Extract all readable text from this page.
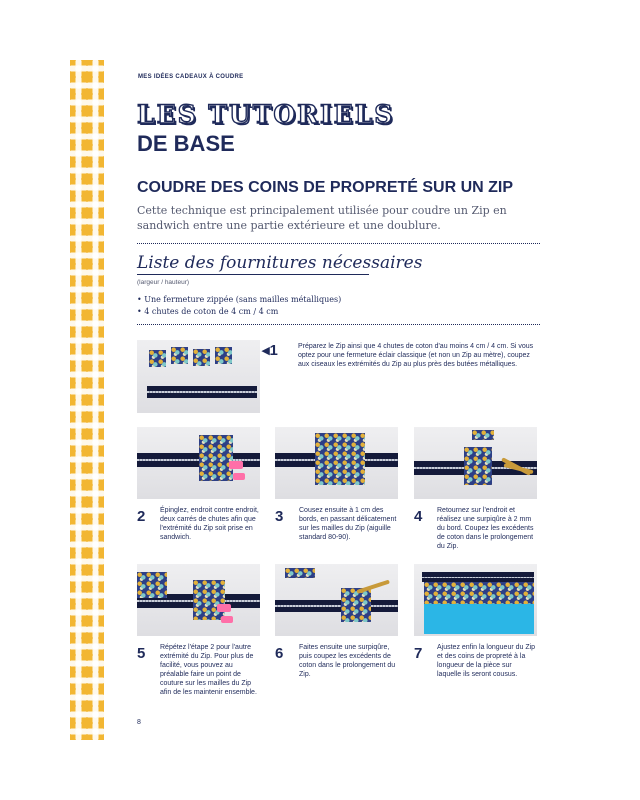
MES IDÉES CADEAUX À COUDRE
LES TUTORIELS
DE BASE
COUDRE DES COINS DE PROPRETÉ SUR UN ZIP
Cette technique est principalement utilisée pour coudre un Zip en sandwich entre une partie extérieure et une doublure.
Liste des fournitures nécessaires
(largeur / hauteur)
• Une fermeture zippée (sans mailles métalliques)
• 4 chutes de coton de 4 cm / 4 cm
◂1	Préparez le Zip ainsi que 4 chutes de coton d'au moins 4 cm / 4 cm. Si vous optez pour une fermeture éclair classique (et non un Zip au mètre), coupez aux ciseaux les extrémités du Zip au plus près des butées métalliques.
2 Épinglez, endroit contre endroit, deux carrés de chutes afin que l'extrémité du Zip soit prise en sandwich.
3 Cousez ensuite à 1 cm des bords, en passant délicatement sur les mailles du Zip (aiguille standard 80-90).
4 Retournez sur l'endroit et réalisez une surpiqûre à 2 mm du bord. Coupez les excédents de coton dans le prolongement du Zip.
5 Répétez l'étape 2 pour l'autre extrémité du Zip. Pour plus de facilité, vous pouvez au préalable faire un point de couture sur les mailles du Zip afin de les maintenir ensemble.
6 Faites ensuite une surpiqûre, puis coupez les excédents de coton dans le prolongement du Zip.
7 Ajustez enfin la longueur du Zip et des coins de propreté à la longueur de la pièce sur laquelle ils seront cousus.
8
